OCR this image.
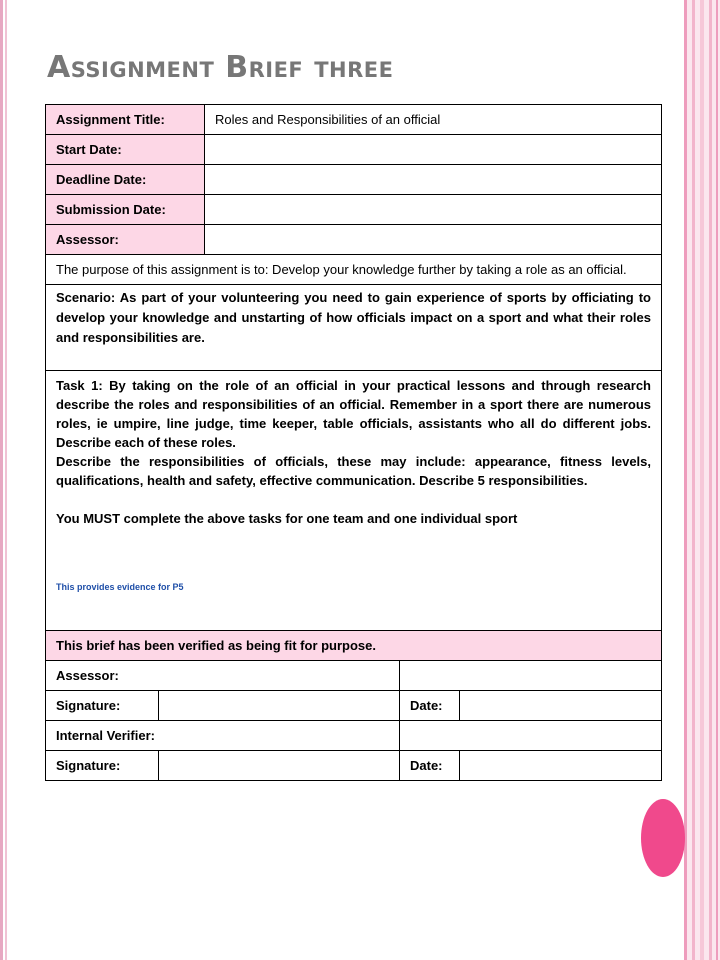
Assignment Brief three
Assignment Title:		Roles and Responsibilities of an official		
Start Date:				
Deadline Date:				
Submission Date:				
Assessor:				
The purpose of this assignment is to: Develop your knowledge further by taking a role as an official.				
Scenario: As part of your volunteering you need to gain experience of sports by officiating to develop your knowledge and unstarting of how officials impact on a sport and what their roles and responsibilities are.				

Task 1: By taking on the role of an official in your practical lessons and through research describe the roles and responsibilities of an official. Remember in a sport there are numerous roles, ie umpire, line judge, time keeper, table officials, assistants who all do different jobs. Describe each of these roles.

Describe the responsibilities of officials, these may include: appearance, fitness levels, qualifications, health and safety, effective communication. Describe 5 responsibilities.

You MUST complete the above tasks for one team and one individual sport

This provides evidence for P5				

This brief has been verified as being fit for purpose.				
Assessor:				
Signature:			Date:	
Internal Verifier:				
Signature:			Date:	
